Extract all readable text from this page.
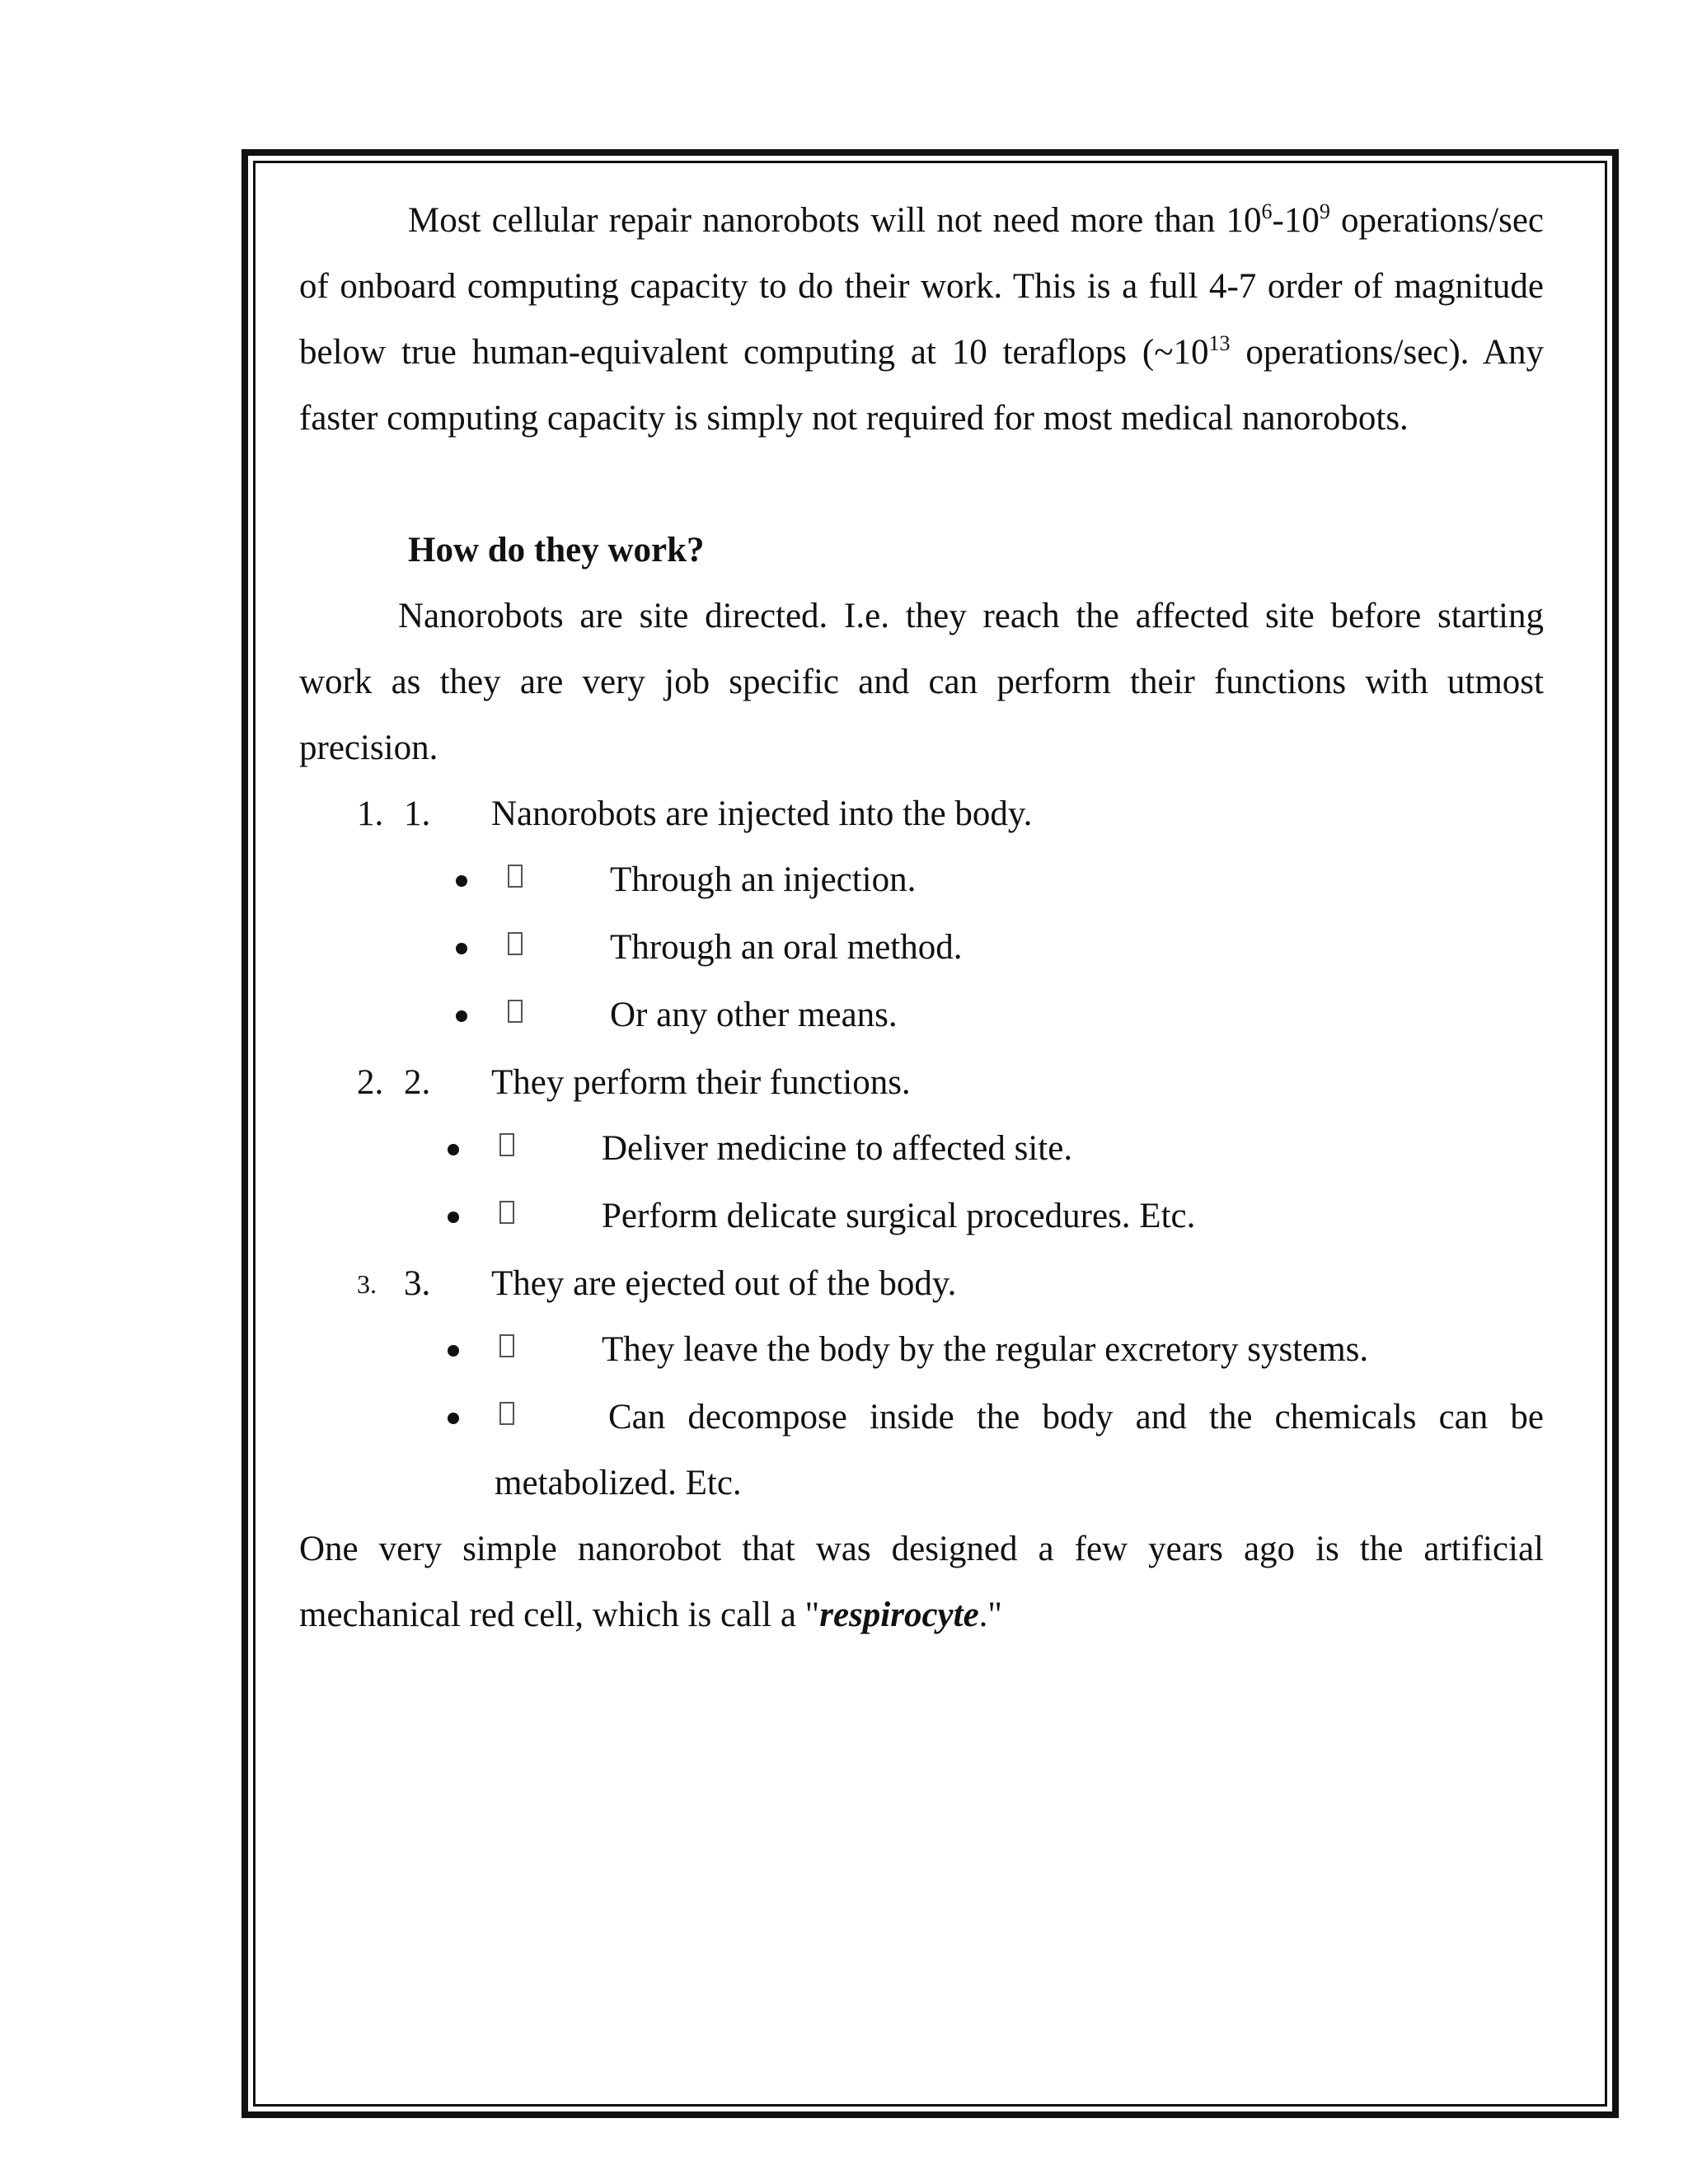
Most cellular repair nanorobots will not need more than $10^6-10^9$ operations/sec of onboard computing capacity to do their work. This is a full 4-7 order of magnitude below true human-equivalent computing at 10 teraflops ($\sim 10^{13}$ operations/sec). Any faster computing capacity is simply not required for most medical nanorobots.

How do they work?

Nanorobots are site directed. I.e. they reach the affected site before starting work as they are very job specific and can perform their functions with utmost precision.

1. 1. Nanorobots are injected into the body.
Through an injection.
Through an oral method.
Or any other means.
2. 2. They perform their functions.
Deliver medicine to affected site.
Perform delicate surgical procedures. Etc.
3. 3. They are ejected out of the body.
They leave the body by the regular excretory systems.

Can decompose inside the body and the chemicals can be metabolized. Etc.

One very simple nanorobot that was designed a few years ago is the artificial mechanical red cell, which is call a "respirocyte."
